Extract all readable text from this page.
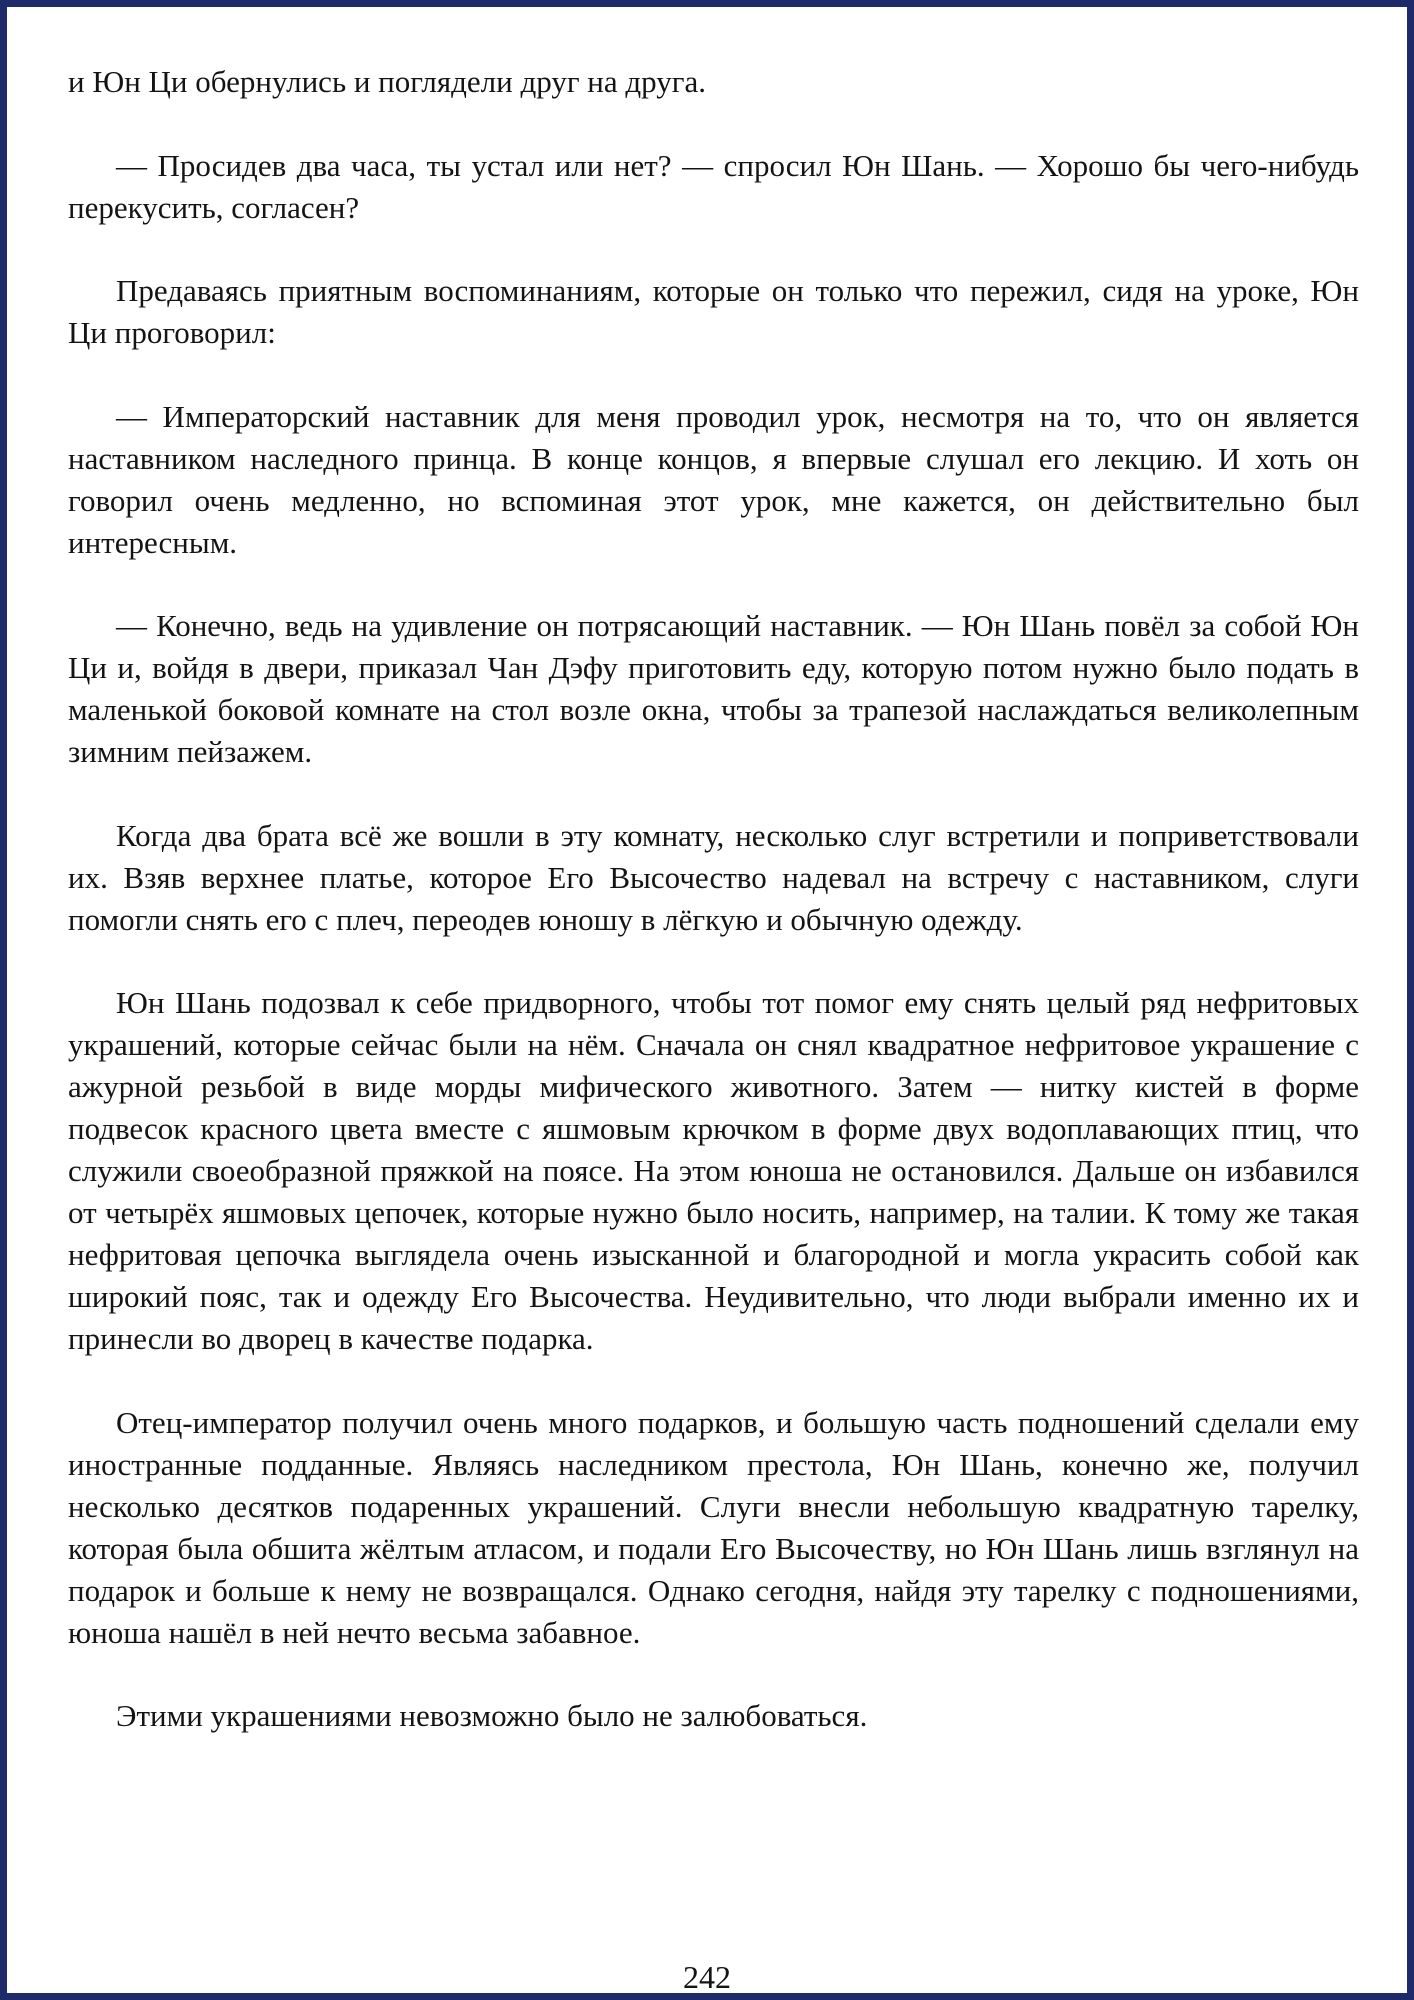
и Юн Ци обернулись и поглядели друг на друга.

— Просидев два часа, ты устал или нет? — спросил Юн Шань. — Хорошо бы чего-нибудь перекусить, согласен?

Предаваясь приятным воспоминаниям, которые он только что пережил, сидя на уроке, Юн Ци проговорил:

— Императорский наставник для меня проводил урок, несмотря на то, что он является наставником наследного принца. В конце концов, я впервые слушал его лекцию. И хоть он говорил очень медленно, но вспоминая этот урок, мне кажется, он действительно был интересным.

— Конечно, ведь на удивление он потрясающий наставник. — Юн Шань повёл за собой Юн Ци и, войдя в двери, приказал Чан Дэфу приготовить еду, которую потом нужно было подать в маленькой боковой комнате на стол возле окна, чтобы за трапезой наслаждаться великолепным зимним пейзажем.

Когда два брата всё же вошли в эту комнату, несколько слуг встретили и поприветствовали их. Взяв верхнее платье, которое Его Высочество надевал на встречу с наставником, слуги помогли снять его с плеч, переодев юношу в лёгкую и обычную одежду.

Юн Шань подозвал к себе придворного, чтобы тот помог ему снять целый ряд нефритовых украшений, которые сейчас были на нём. Сначала он снял квадратное нефритовое украшение с ажурной резьбой в виде морды мифического животного. Затем — нитку кистей в форме подвесок красного цвета вместе с яшмовым крючком в форме двух водоплавающих птиц, что служили своеобразной пряжкой на поясе. На этом юноша не остановился. Дальше он избавился от четырёх яшмовых цепочек, которые нужно было носить, например, на талии. К тому же такая нефритовая цепочка выглядела очень изысканной и благородной и могла украсить собой как широкий пояс, так и одежду Его Высочества. Неудивительно, что люди выбрали именно их и принесли во дворец в качестве подарка.

Отец-император получил очень много подарков, и большую часть подношений сделали ему иностранные подданные. Являясь наследником престола, Юн Шань, конечно же, получил несколько десятков подаренных украшений. Слуги внесли небольшую квадратную тарелку, которая была обшита жёлтым атласом, и подали Его Высочеству, но Юн Шань лишь взглянул на подарок и больше к нему не возвращался. Однако сегодня, найдя эту тарелку с подношениями, юноша нашёл в ней нечто весьма забавное.

Этими украшениями невозможно было не залюбоваться.

242
